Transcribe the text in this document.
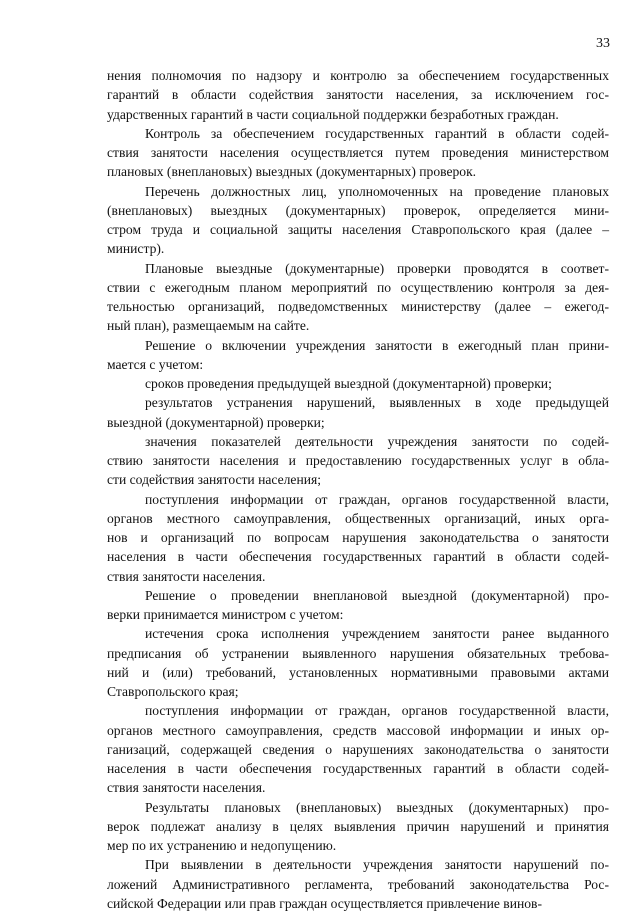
33

нения полномочия по надзору и контролю за обеспечением государственных
гарантий в области содействия занятости населения, за исключением гос-
ударственных гарантий в части социальной поддержки безработных граждан.

Контроль за обеспечением государственных гарантий в области содей-
ствия занятости населения осуществляется путем проведения министерством
плановых (внеплановых) выездных (документарных) проверок.

Перечень должностных лиц, уполномоченных на проведение плановых
(внеплановых) выездных (документарных) проверок, определяется мини-
стром труда и социальной защиты населения Ставропольского края (далее –
министр).

Плановые выездные (документарные) проверки проводятся в соответ-
ствии с ежегодным планом мероприятий по осуществлению контроля за дея-
тельностью организаций, подведомственных министерству (далее – ежегод-
ный план), размещаемым на сайте.

Решение о включении учреждения занятости в ежегодный план прини-
мается с учетом:

сроков проведения предыдущей выездной (документарной) проверки;

результатов устранения нарушений, выявленных в ходе предыдущей
выездной (документарной) проверки;

значения показателей деятельности учреждения занятости по содей-
ствию занятости населения и предоставлению государственных услуг в обла-
сти содействия занятости населения;

поступления информации от граждан, органов государственной власти,
органов местного самоуправления, общественных организаций, иных орга-
нов и организаций по вопросам нарушения законодательства о занятости
населения в части обеспечения государственных гарантий в области содей-
ствия занятости населения.

Решение о проведении внеплановой выездной (документарной) про-
верки принимается министром с учетом:

истечения срока исполнения учреждением занятости ранее выданного
предписания об устранении выявленного нарушения обязательных требова-
ний и (или) требований, установленных нормативными правовыми актами
Ставропольского края;

поступления информации от граждан, органов государственной власти,
органов местного самоуправления, средств массовой информации и иных ор-
ганизаций, содержащей сведения о нарушениях законодательства о занятости
населения в части обеспечения государственных гарантий в области содей-
ствия занятости населения.

Результаты плановых (внеплановых) выездных (документарных) про-
верок подлежат анализу в целях выявления причин нарушений и принятия
мер по их устранению и недопущению.

При выявлении в деятельности учреждения занятости нарушений по-
ложений Административного регламента, требований законодательства Рос-
сийской Федерации или прав граждан осуществляется привлечение винов-
